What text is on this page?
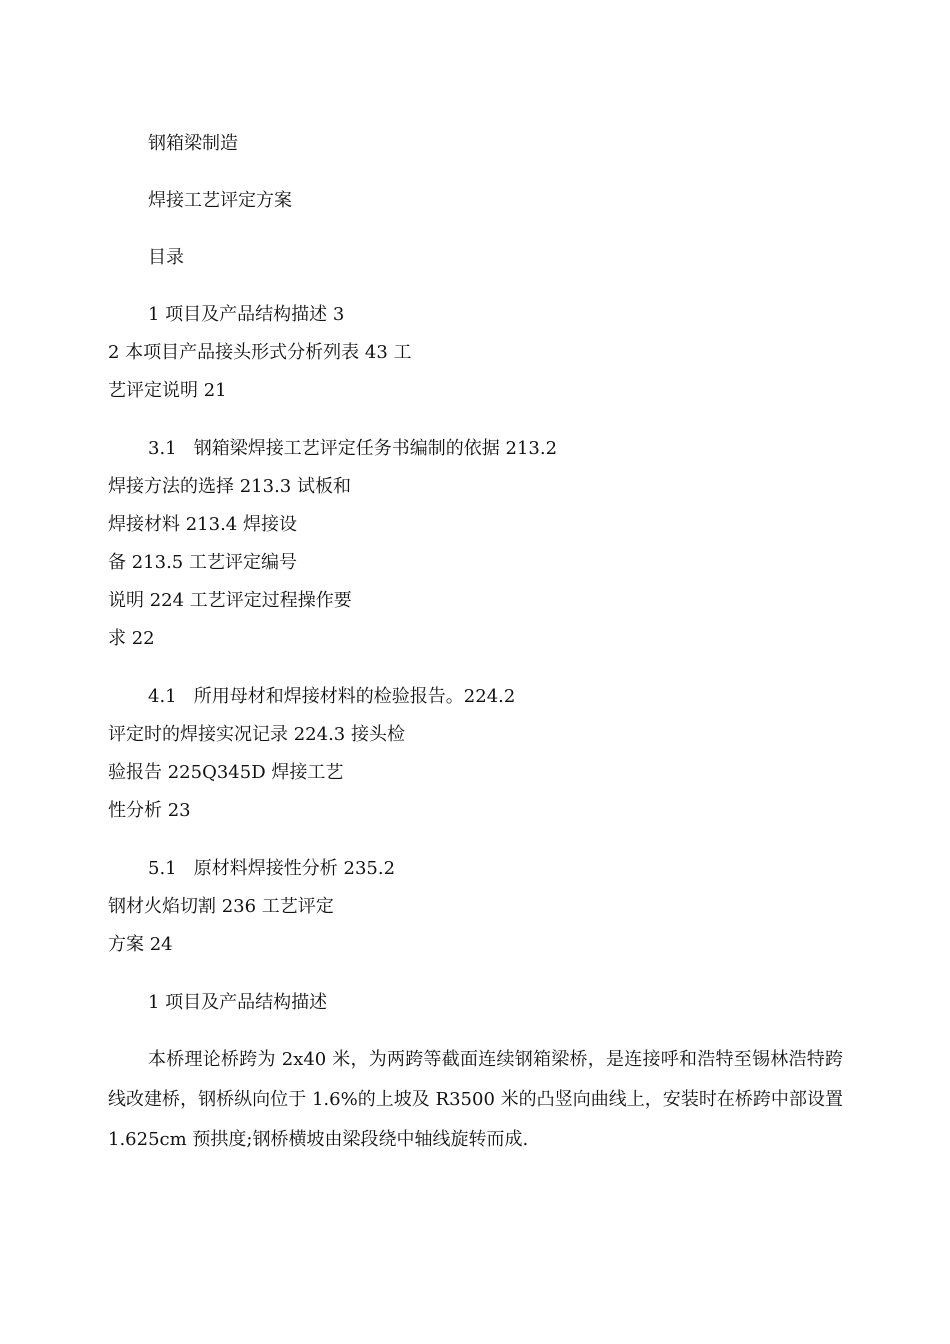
钢箱梁制造
焊接工艺评定方案
目录
1 项目及产品结构描述 3
2 本项目产品接头形式分析列表 43 工
艺评定说明 21
3.1   钢箱梁焊接工艺评定任务书编制的依据 213.2
焊接方法的选择 213.3 试板和
焊接材料 213.4 焊接设
备 213.5 工艺评定编号
说明 224 工艺评定过程操作要
求 22
4.1   所用母材和焊接材料的检验报告。224.2
评定时的焊接实况记录 224.3 接头检
验报告 225Q345D 焊接工艺
性分析 23
5.1   原材料焊接性分析 235.2
钢材火焰切割 236 工艺评定
方案 24
1 项目及产品结构描述
本桥理论桥跨为 2x40 米，为两跨等截面连续钢箱梁桥，是连接呼和浩特至锡林浩特跨线改建桥，钢桥纵向位于 1.6%的上坡及 R3500 米的凸竖向曲线上，安装时在桥跨中部设置 1.625cm 预拱度;钢桥横坡由梁段绕中轴线旋转而成.
